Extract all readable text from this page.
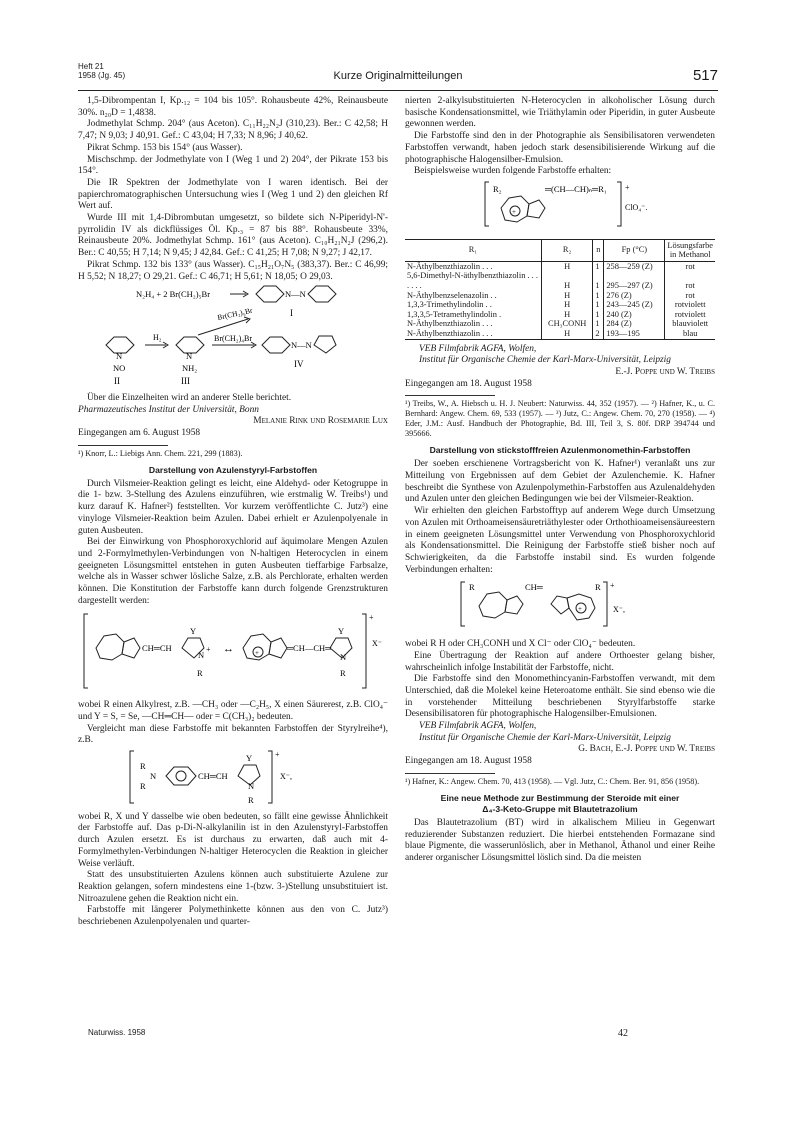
Heft 21
1958 (Jg. 45)	Kurze Originalmitteilungen	517

1,5-Dibrompentan I, Kp.₁₂ = 104 bis 105°. Rohausbeute 42%, Reinausbeute 30%. n₂₀D = 1,4838.

Jodmethylat Schmp. 204° (aus Aceton). C₁₁H₂₂N₂J (310,23). Ber.: C 42,58; H 7,47; N 9,03; J 40,91. Gef.: C 43,04; H 7,33; N 8,96; J 40,62.

Pikrat Schmp. 153 bis 154° (aus Wasser).

Mischschmp. der Jodmethylate von I (Weg 1 und 2) 204°, der Pikrate 153 bis 154°.

Die IR Spektren der Jodmethylate von I waren identisch. Bei der papierchromatographischen Untersuchung wies I (Weg 1 und 2) den gleichen Rf Wert auf.

Wurde III mit 1,4-Dibrombutan umgesetzt, so bildete sich N-Piperidyl-N'-pyrrolidin IV als dickflüssiges Öl. Kp.₃ = 87 bis 88°. Rohausbeute 33%, Reinausbeute 20%. Jodmethylat Schmp. 161° (aus Aceton). C₁₀H₂₁N₂J (296,2). Ber.: C 40,55; H 7,14; N 9,45; J 42,84. Gef.: C 41,25; H 7,08; N 9,27; J 42,17.

Pikrat Schmp. 132 bis 133° (aus Wasser). C₁₅H₂₁O₇N₅ (383,37). Ber.: C 46,99; H 5,52; N 18,27; O 29,21. Gef.: C 46,71; H 5,61; N 18,05; O 29,03.

N₂H₄ + 2 Br(CH₂)₅Br	N—N
I
Br(CH₂)₅Br
N
NO
II
H₂
N
NH₂
III
Br(CH₂)₄Br
N—N
IV

Über die Einzelheiten wird an anderer Stelle berichtet.

Pharmazeutisches Institut der Universität, Bonn

Melanie Rink und Rosemarie Lux

Eingegangen am 6. August 1958

¹) Knorr, L.: Liebigs Ann. Chem. 221, 299 (1883).

Darstellung von Azulenstyryl-Farbstoffen

Durch Vilsmeier-Reaktion gelingt es leicht, eine Aldehyd- oder Ketogruppe in die 1- bzw. 3-Stellung des Azulens einzuführen, wie erstmalig W. Treibs¹) und kurz darauf K. Hafner²) feststellten. Vor kurzem veröffentlichte C. Jutz³) eine vinyloge Vilsmeier-Reaktion beim Azulen. Dabei erhielt er Azulenpolyenale in guten Ausbeuten.

Bei der Einwirkung von Phosphoroxychlorid auf äquimolare Mengen Azulen und 2-Formylmethylen-Verbindungen von N-haltigen Heterocyclen in einem geeigneten Lösungsmittel entstehen in guten Ausbeuten tieffarbige Farbsalze, welche als in Wasser schwer lösliche Salze, z.B. als Perchlorate, erhalten werden können. Die Konstitution der Farbstoffe kann durch folgende Grenzstrukturen dargestellt werden:

CH═CH
Y
N
+
R
↔	+	═CH—CH═
Y
N
R
+
X⁻

wobei R einen Alkylrest, z.B. —CH₃ oder —C₂H₅, X einen Säurerest, z.B. ClO₄⁻ und Y = S, = Se, —CH═CH— oder = C(CH₃)₂ bedeuten.

Vergleicht man diese Farbstoffe mit bekannten Farbstoffen der Styrylreihe⁴), z.B.

R
N
R
CH═CH
Y
N
R
+
X⁻,

wobei R, X und Y dasselbe wie oben bedeuten, so fällt eine gewisse Ähnlichkeit der Farbstoffe auf. Das p-Di-N-alkylanilin ist in den Azulenstyryl-Farbstoffen durch Azulen ersetzt. Es ist durchaus zu erwarten, daß auch mit 4-Formylmethylen-Verbindungen N-haltiger Heterocyclen die Reaktion in gleicher Weise verläuft.

Statt des unsubstituierten Azulens können auch substituierte Azulene zur Reaktion gelangen, sofern mindestens eine 1-(bzw. 3-)Stellung unsubstituiert ist. Nitroazulene gehen die Reaktion nicht ein.

Farbstoffe mit längerer Polymethinkette können aus den von C. Jutz³) beschriebenen Azulenpolyenalen und quarter-

Naturwiss. 1958

nierten 2-alkylsubstituierten N-Heterocyclen in alkoholischer Lösung durch basische Kondensationsmittel, wie Triäthylamin oder Piperidin, in guter Ausbeute gewonnen werden.

Die Farbstoffe sind den in der Photographie als Sensibilisatoren verwendeten Farbstoffen verwandt, haben jedoch stark desensibilisierende Wirkung auf die photographische Halogensilber-Emulsion.

Beispielsweise wurden folgende Farbstoffe erhalten:

R₂
+
═(CH—CH)ₙ═R₁ +
ClO₄⁻.
R₁	R₂	n	Fp (°C)	Lösungsfarbe in Methanol
N-Äthylbenzthiazolin . . .	H	1	258—259 (Z)	rot
5,6-Dimethyl-N-äthylbenzthiazolin . . . . . . .	H	1	295—297 (Z)	rot
N-Äthylbenzselenazolin . .	H	1	276 (Z)	rot
1,3,3-Trimethylindolin . .	H	1	243—245 (Z)	rotviolett
1,3,3,5-Tetramethylindolin .	H	1	240 (Z)	rotviolett
N-Äthylbenzthiazolin . . .	CH₃CONH	1	284 (Z)	blauviolett
N-Äthylbenzthiazolin . . .	H	2	193—195	blau

VEB Filmfabrik AGFA, Wolfen,

Institut für Organische Chemie der Karl-Marx-Universität, Leipzig

E.-J. Poppe und W. Treibs

Eingegangen am 18. August 1958

¹) Treibs, W., A. Hiebsch u. H. J. Neubert: Naturwiss. 44, 352 (1957). — ²) Hafner, K., u. C. Bernhard: Angew. Chem. 69, 533 (1957). — ³) Jutz, C.: Angew. Chem. 70, 270 (1958). — ⁴) Eder, J.M.: Ausf. Handbuch der Photographie, Bd. III, Teil 3, S. 80f. DRP 394744 und 395666.

Darstellung von stickstofffreien Azulenmonomethin-Farbstoffen

Der soeben erschienene Vortragsbericht von K. Hafner¹) veranlaßt uns zur Mitteilung von Ergebnissen auf dem Gebiet der Azulenchemie. K. Hafner beschreibt die Synthese von Azulenpolymethin-Farbstoffen aus Azulenaldehyden und Azulen unter den gleichen Bedingungen wie bei der Vilsmeier-Reaktion.

Wir erhielten den gleichen Farbstofftyp auf anderem Wege durch Umsetzung von Azulen mit Orthoameisensäuretriäthylester oder Orthothioameisensäureestern in einem geeigneten Lösungsmittel unter Verwendung von Phosphoroxychlorid als Kondensationsmittel. Die Reinigung der Farbstoffe stieß bisher noch auf Schwierigkeiten, da die Farbstoffe instabil sind. Es wurden folgende Verbindungen erhalten:

R	CH═
+
R +
X⁻,

wobei R H oder CH₃CONH und X Cl⁻ oder ClO₄⁻ bedeuten.

Eine Übertragung der Reaktion auf andere Orthoester gelang bisher, wahrscheinlich infolge Instabilität der Farbstoffe, nicht.

Die Farbstoffe sind den Monomethincyanin-Farbstoffen verwandt, mit dem Unterschied, daß die Molekel keine Heteroatome enthält. Sie sind ebenso wie die in vorstehender Mitteilung beschriebenen Styrylfarbstoffe starke Desensibilisatoren für photographische Halogensilber-Emulsionen.

VEB Filmfabrik AGFA, Wolfen,

Institut für Organische Chemie der Karl-Marx-Universität, Leipzig

G. Bach, E.-J. Poppe und W. Treibs

Eingegangen am 18. August 1958

¹) Hafner, K.: Angew. Chem. 70, 413 (1958). — Vgl. Jutz, C.: Chem. Ber. 91, 856 (1958).

Eine neue Methode zur Bestimmung der Steroide mit einer
Δ₄-3-Keto-Gruppe mit Blautetrazolium

Das Blautetrazolium (BT) wird in alkalischem Milieu in Gegenwart reduzierender Substanzen reduziert. Die hierbei entstehenden Formazane sind blaue Pigmente, die wasserunlöslich, aber in Methanol, Äthanol und einer Reihe anderer organischer Lösungsmittel löslich sind. Da die meisten

42
